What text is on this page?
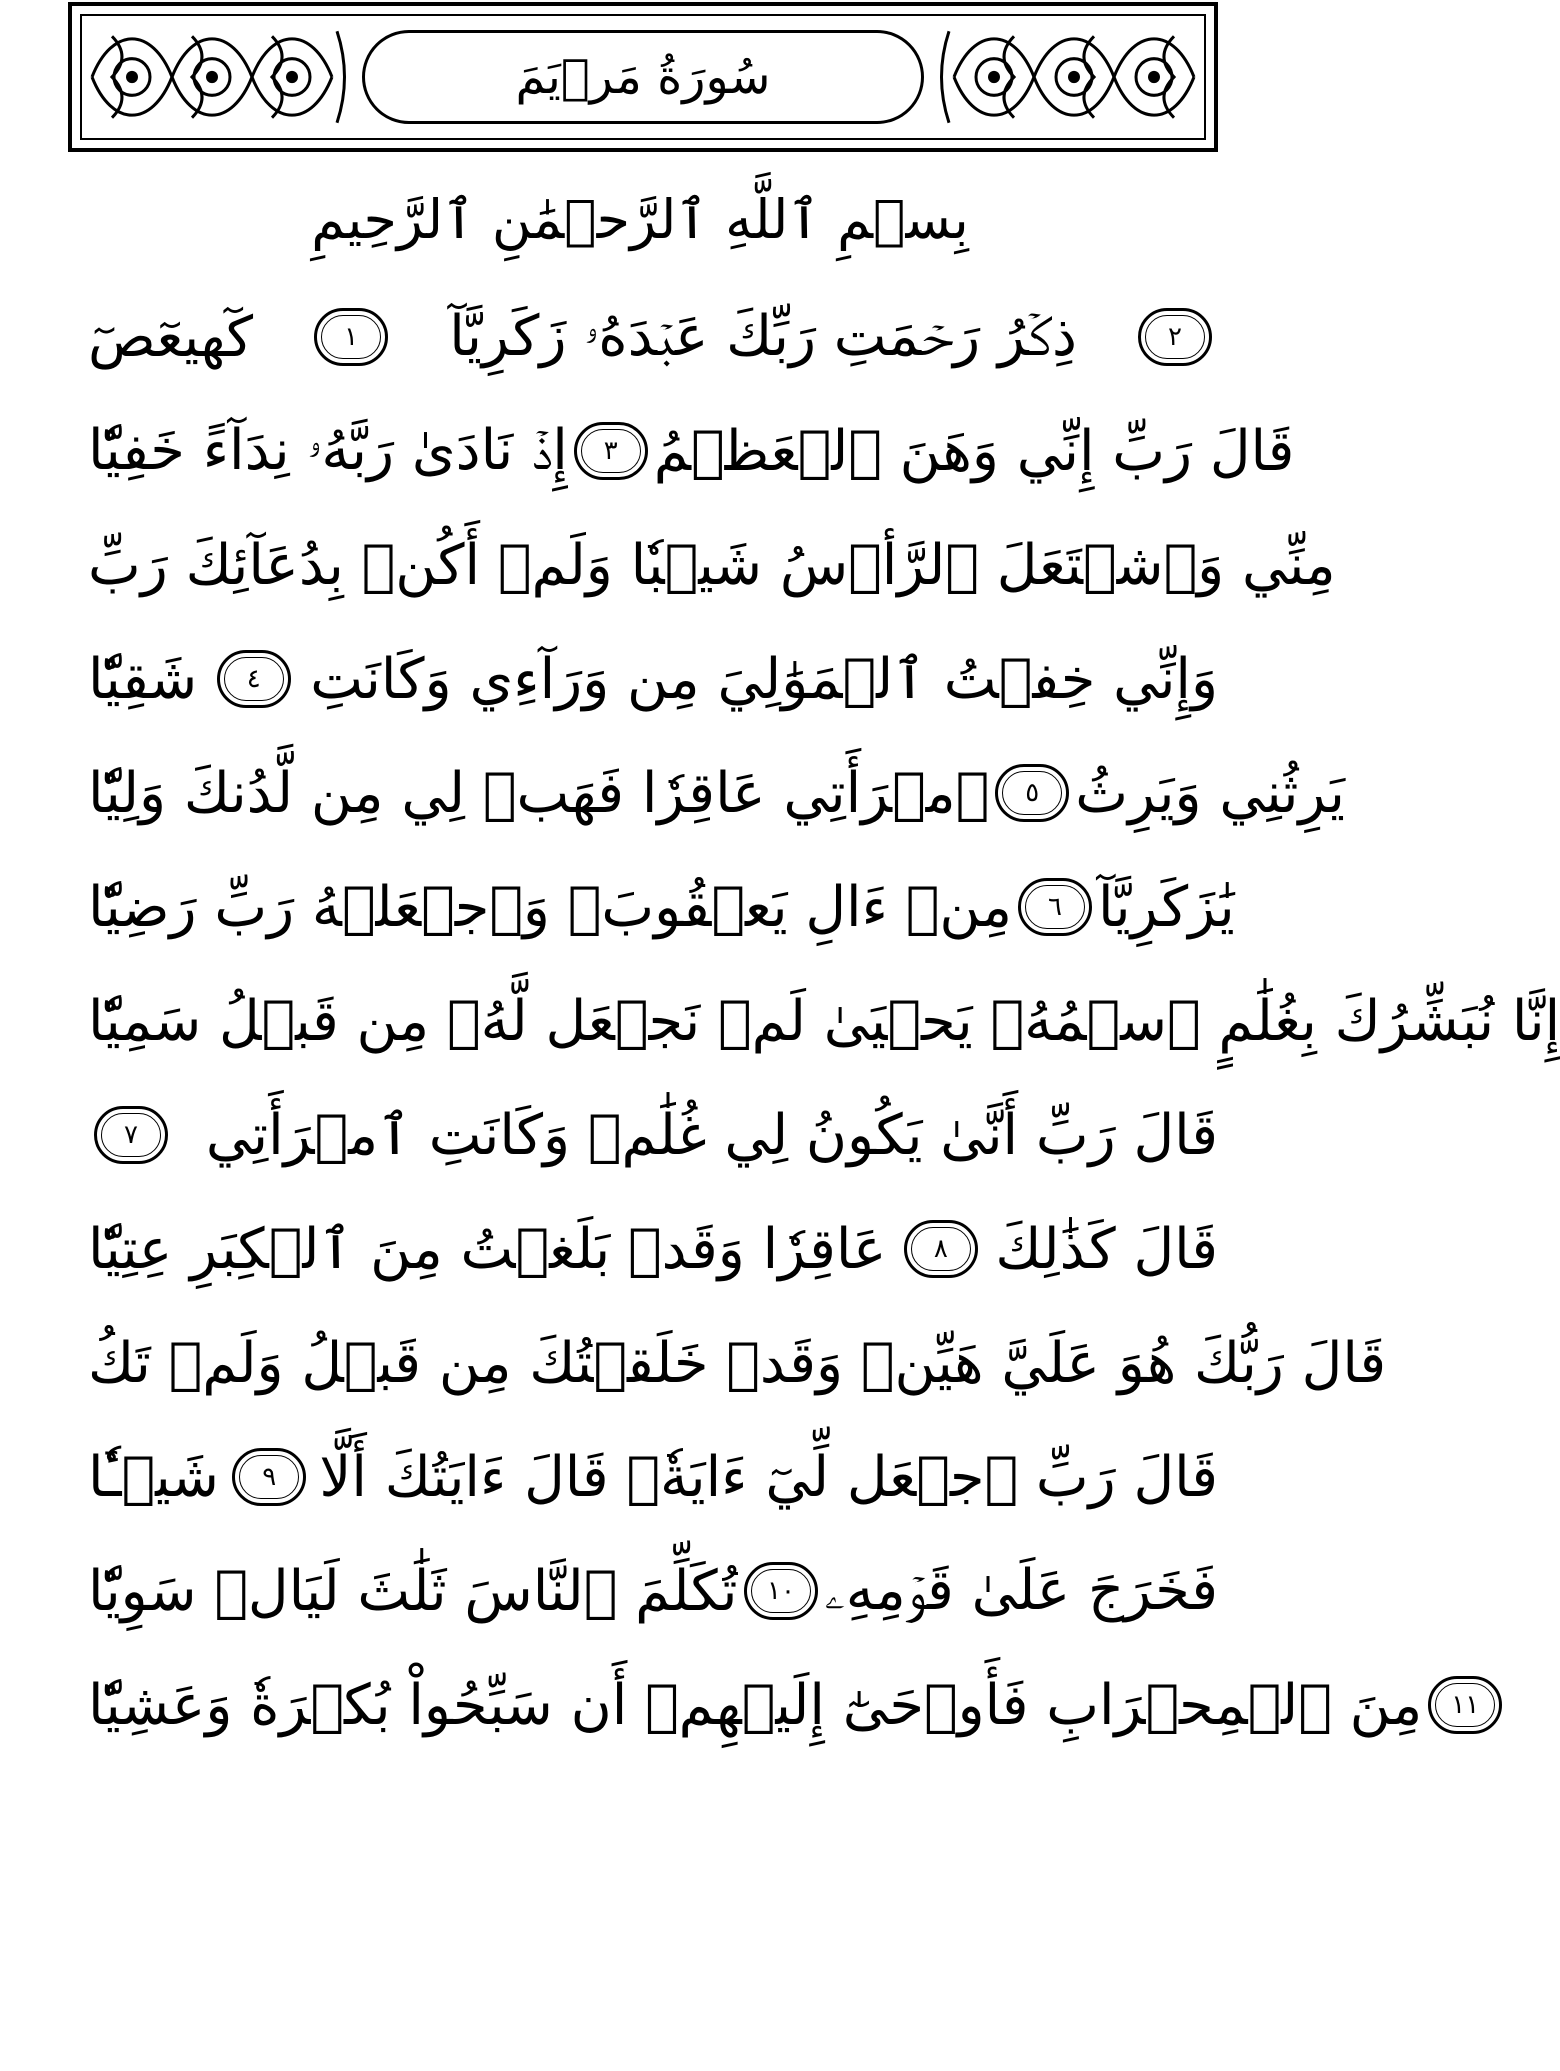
سُورَةُ مَرۡيَمَ
بِسۡمِ ٱللَّهِ ٱلرَّحۡمَٰنِ ٱلرَّحِيمِ
كٓهيعٓصٓ	١	ذِكۡرُ رَحۡمَتِ رَبِّكَ عَبۡدَهُۥ زَكَرِيَّآ	٢
إِذۡ نَادَىٰ رَبَّهُۥ نِدَآءً خَفِيّٗا	٣ قَالَ رَبِّ إِنِّي وَهَنَ ٱلۡعَظۡمُ
مِنِّي وَٱشۡتَعَلَ ٱلرَّأۡسُ شَيۡبٗا وَلَمۡ أَكُنۢ بِدُعَآئِكَ رَبِّ
شَقِيّٗا	٤ وَإِنِّي خِفۡتُ ٱلۡمَوَٰلِيَ مِن وَرَآءِي وَكَانَتِ
ٱمۡرَأَتِي عَاقِرٗا فَهَبۡ لِي مِن لَّدُنكَ وَلِيّٗا	٥ يَرِثُنِي وَيَرِثُ
مِنۡ ءَالِ يَعۡقُوبَۖ وَٱجۡعَلۡهُ رَبِّ رَضِيّٗا	٦ يَٰزَكَرِيَّآ
إِنَّا نُبَشِّرُكَ بِغُلَٰمٍ ٱسۡمُهُۥ يَحۡيَىٰ لَمۡ نَجۡعَل لَّهُۥ مِن قَبۡلُ سَمِيّٗا
٧	قَالَ رَبِّ أَنَّىٰ يَكُونُ لِي غُلَٰمٞ وَكَانَتِ ٱمۡرَأَتِي
عَاقِرٗا وَقَدۡ بَلَغۡتُ مِنَ ٱلۡكِبَرِ عِتِيّٗا	٨ قَالَ كَذَٰلِكَ
قَالَ رَبُّكَ هُوَ عَلَيَّ هَيِّنٞ وَقَدۡ خَلَقۡتُكَ مِن قَبۡلُ وَلَمۡ تَكُ
شَيۡـٔٗا	٩ قَالَ رَبِّ ٱجۡعَل لِّيٓ ءَايَةٗۚ قَالَ ءَايَتُكَ أَلَّا
تُكَلِّمَ ٱلنَّاسَ ثَلَٰثَ لَيَالٖ سَوِيّٗا	١٠ فَخَرَجَ عَلَىٰ قَوۡمِهِۦ
مِنَ ٱلۡمِحۡرَابِ فَأَوۡحَىٰٓ إِلَيۡهِمۡ أَن سَبِّحُواْ بُكۡرَةٗ وَعَشِيّٗا	١١
